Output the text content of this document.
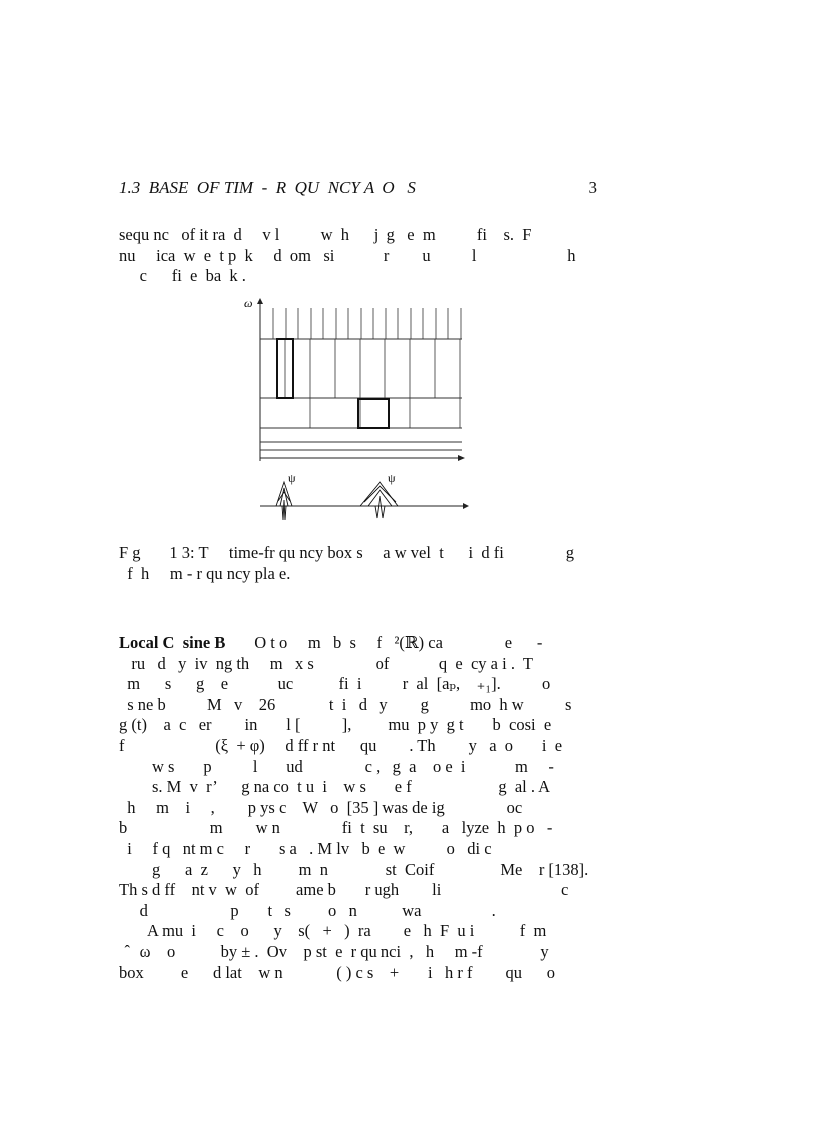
1.3  BASE  OF TIM  -  R  QU  NCY A  O   S	3
sequ nc   of it ra  d     v l          w  h      j  g   e  m          fi    s.  F
nu     ica  w  e  t p  k     d  om   si            r        u          l                      h
c      fi  e  ba  k .
ω
ψ	ψ
F g       1 3: T     time-fr qu ncy box s     a w vel  t      i  d fi               g
f  h     m - r qu ncy pla e.
Local C  sine B       O t o     m   b  s     f   ²(ℝ) ca               e      -
ru   d   y  iv  ng th     m   x s               of            q  e  cy a i .  T
m      s      g    e            uc           fi  i          r  al  [aₚ,    ₊₁].          o
s ne b          M   v    26             t  i   d   y        g          mo  h w          s
g (t)    a  c   er        in       l [          ],         mu  p y  g t       b  cosi  e
f                      (ξ  + φ)     d ff r nt      qu        . Th        y   a  o       i  e
w s       p          l       ud               c ,   g  a    o e  i            m     -
s. M  v  r’      g na co  t u  i    w s       e f                     g  al . A
h     m    i     ,        p ys c    W   o  [35 ] was de ig               oc
b                    m        w n               fi  t  su    r,       a   lyze  h  p o   -
i     f q   nt m c     r       s a   . M lv   b  e  w          o   di c
g      a  z      y   h         m  n              st  Coif                Me    r [138].
Th s d ff    nt v  w  of         ame b       r ugh        li                             c
d                    p       t   s         o   n           wa                 .
A mu  i     c    o      y    s(   +   )  ra        e   h  F  u i           f  m
̂   ω    o           by ± .  Ov    p st  e  r qu nci  ,   h     m -f              y
box         e      d lat    w n             ( ) c s    +       i   h r f        qu      o
